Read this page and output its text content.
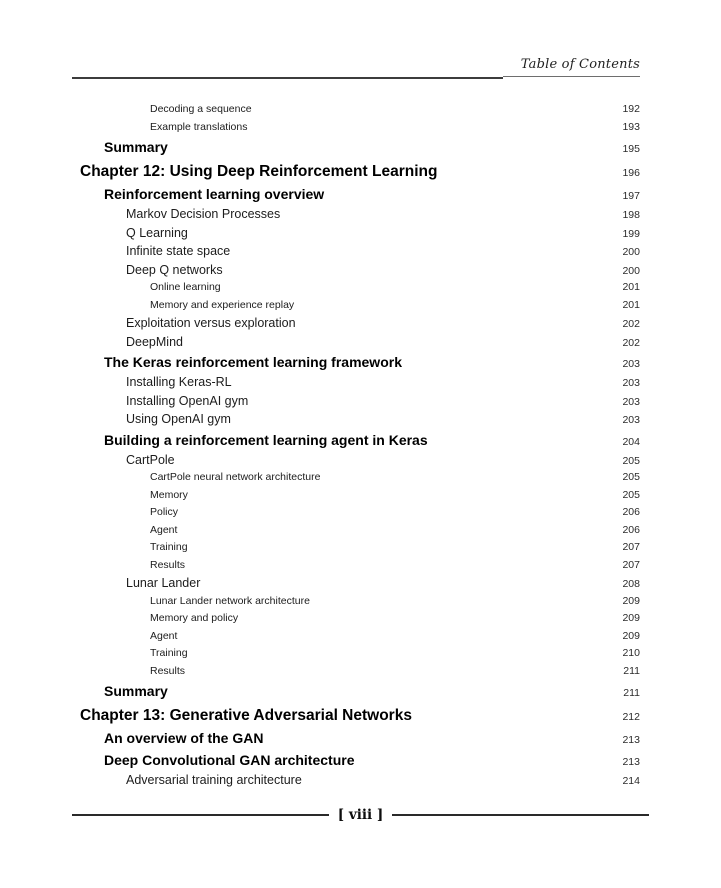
Table of Contents
Decoding a sequence	192
Example translations	193
Summary	195
Chapter 12: Using Deep Reinforcement Learning	196
Reinforcement learning overview	197
Markov Decision Processes	198
Q Learning	199
Infinite state space	200
Deep Q networks	200
Online learning	201
Memory and experience replay	201
Exploitation versus exploration	202
DeepMind	202
The Keras reinforcement learning framework	203
Installing Keras-RL	203
Installing OpenAI gym	203
Using OpenAI gym	203
Building a reinforcement learning agent in Keras	204
CartPole	205
CartPole neural network architecture	205
Memory	205
Policy	206
Agent	206
Training	207
Results	207
Lunar Lander	208
Lunar Lander network architecture	209
Memory and policy	209
Agent	209
Training	210
Results	211
Summary	211
Chapter 13: Generative Adversarial Networks	212
An overview of the GAN	213
Deep Convolutional GAN architecture	213
Adversarial training architecture	214
[ viii ]
